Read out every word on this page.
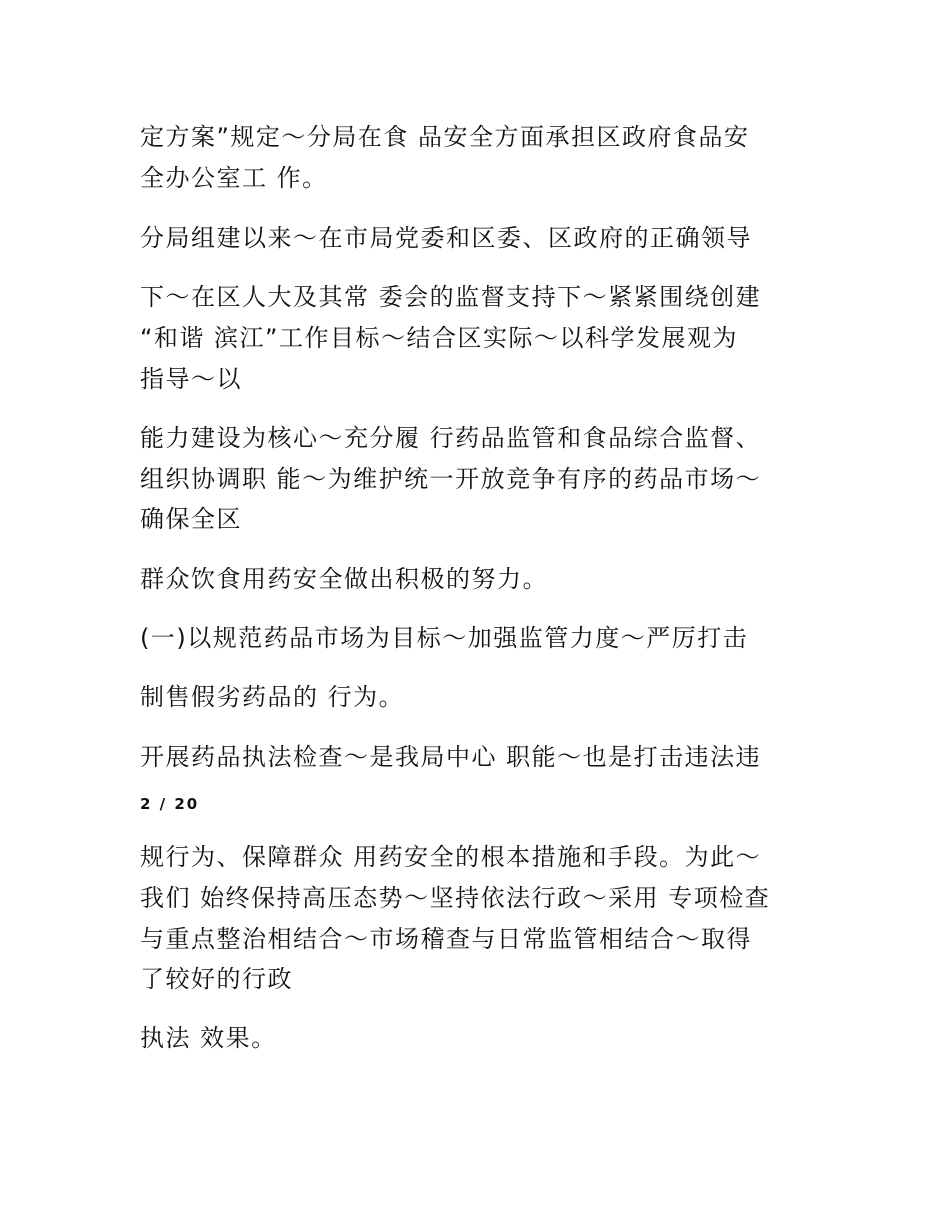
定方案”规定～分局在食 品安全方面承担区政府食品安
全办公室工 作。
分局组建以来～在市局党委和区委、区政府的正确领导
下～在区人大及其常 委会的监督支持下～紧紧围绕创建
“和谐 滨江”工作目标～结合区实际～以科学发展观为
指导～以
能力建设为核心～充分履 行药品监管和食品综合监督、
组织协调职 能～为维护统一开放竞争有序的药品市场～
确保全区
群众饮食用药安全做出积极的努力。
(一)以规范药品市场为目标～加强监管力度～严厉打击
制售假劣药品的 行为。
开展药品执法检查～是我局中心 职能～也是打击违法违
2 / 20
规行为、保障群众 用药安全的根本措施和手段。为此～
我们 始终保持高压态势～坚持依法行政～采用 专项检查
与重点整治相结合～市场稽查与日常监管相结合～取得
了较好的行政
执法 效果。
